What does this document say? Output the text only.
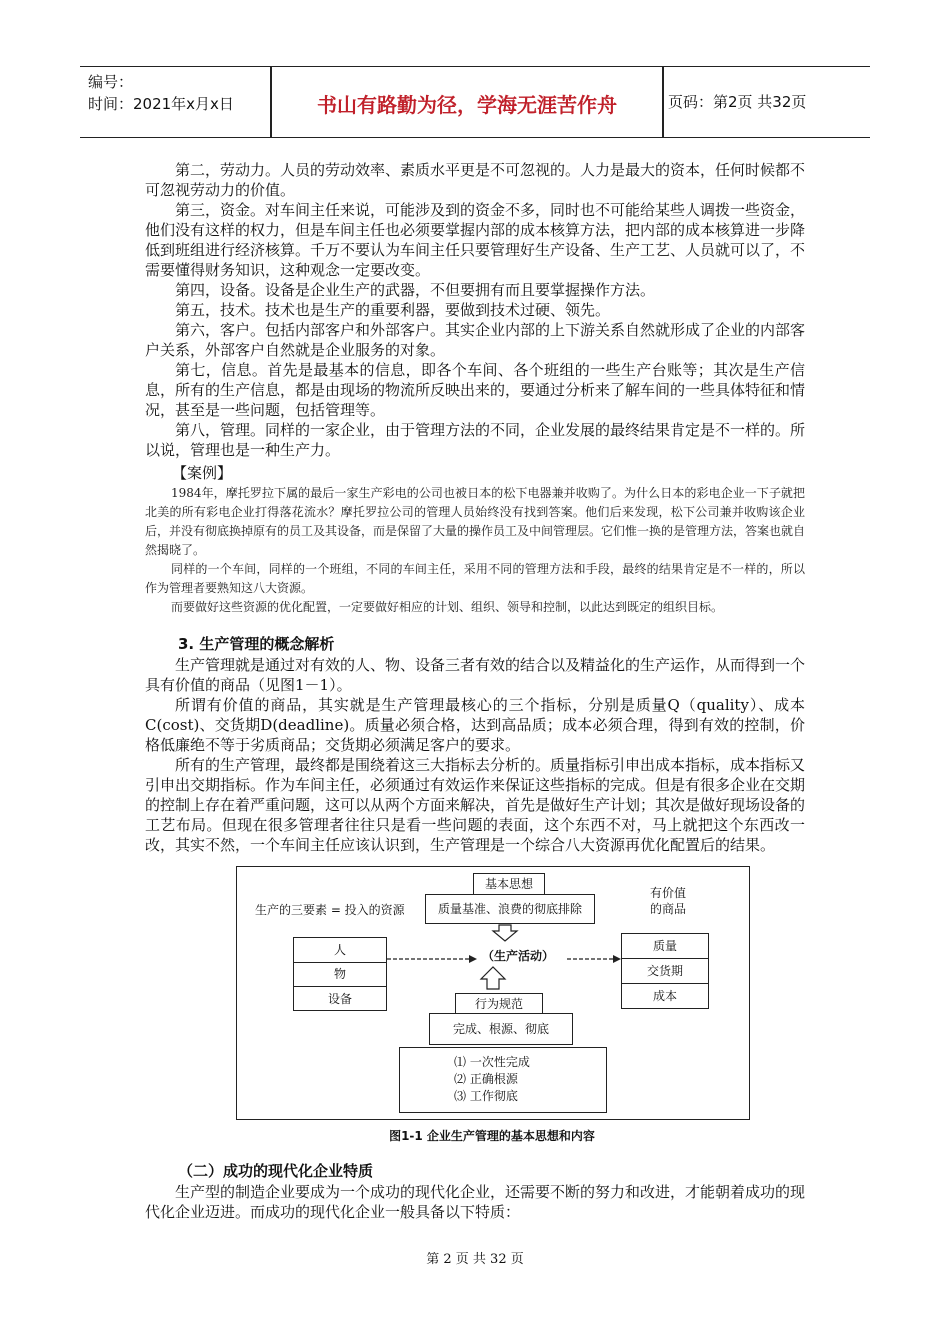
编号：
时间：2021年x月x日	书山有路勤为径，学海无涯苦作舟	页码：第2页 共32页

第二，劳动力。人员的劳动效率、素质水平更是不可忽视的。人力是最大的资本，任何时候都不可忽视劳动力的价值。

第三，资金。对车间主任来说，可能涉及到的资金不多，同时也不可能给某些人调拨一些资金，他们没有这样的权力，但是车间主任也必须要掌握内部的成本核算方法，把内部的成本核算进一步降低到班组进行经济核算。千万不要认为车间主任只要管理好生产设备、生产工艺、人员就可以了，不需要懂得财务知识，这种观念一定要改变。

第四，设备。设备是企业生产的武器，不但要拥有而且要掌握操作方法。

第五，技术。技术也是生产的重要利器，要做到技术过硬、领先。

第六，客户。包括内部客户和外部客户。其实企业内部的上下游关系自然就形成了企业的内部客户关系，外部客户自然就是企业服务的对象。

第七，信息。首先是最基本的信息，即各个车间、各个班组的一些生产台账等；其次是生产信息，所有的生产信息，都是由现场的物流所反映出来的，要通过分析来了解车间的一些具体特征和情况，甚至是一些问题，包括管理等。

第八，管理。同样的一家企业，由于管理方法的不同，企业发展的最终结果肯定是不一样的。所以说，管理也是一种生产力。

【案例】

1984年，摩托罗拉下属的最后一家生产彩电的公司也被日本的松下电器兼并收购了。为什么日本的彩电企业一下子就把北美的所有彩电企业打得落花流水？摩托罗拉公司的管理人员始终没有找到答案。他们后来发现，松下公司兼并收购该企业后，并没有彻底换掉原有的员工及其设备，而是保留了大量的操作员工及中间管理层。它们惟一换的是管理方法，答案也就自然揭晓了。

同样的一个车间，同样的一个班组，不同的车间主任，采用不同的管理方法和手段，最终的结果肯定是不一样的，所以作为管理者要熟知这八大资源。

而要做好这些资源的优化配置，一定要做好相应的计划、组织、领导和控制，以此达到既定的组织目标。

3. 生产管理的概念解析

生产管理就是通过对有效的人、物、设备三者有效的结合以及精益化的生产运作，从而得到一个具有价值的商品（见图1－1）。

所谓有价值的商品，其实就是生产管理最核心的三个指标，分别是质量Q（quality）、成本C(cost)、交货期D(deadline)。质量必须合格，达到高品质；成本必须合理，得到有效的控制，价格低廉绝不等于劣质商品；交货期必须满足客户的要求。

所有的生产管理，最终都是围绕着这三大指标去分析的。质量指标引申出成本指标，成本指标又引申出交期指标。作为车间主任，必须通过有效运作来保证这些指标的完成。但是有很多企业在交期的控制上存在着严重问题，这可以从两个方面来解决，首先是做好生产计划；其次是做好现场设备的工艺布局。但现在很多管理者往往只是看一些问题的表面，这个东西不对，马上就把这个东西改一改，其实不然，一个车间主任应该认识到，生产管理是一个综合八大资源再优化配置后的结果。

基本思想
质量基准、浪费的彻底排除
生产的三要素 = 投入的资源
有价值
的商品
人
物
设备
质量
交货期
成本
（生产活动）
行为规范
完成、根源、彻底
⑴ 一次性完成
⑵ 正确根源
⑶ 工作彻底
图1-1 企业生产管理的基本思想和内容
（二）成功的现代化企业特质

生产型的制造企业要成为一个成功的现代化企业，还需要不断的努力和改进，才能朝着成功的现代化企业迈进。而成功的现代化企业一般具备以下特质：

第 2 页 共 32 页
